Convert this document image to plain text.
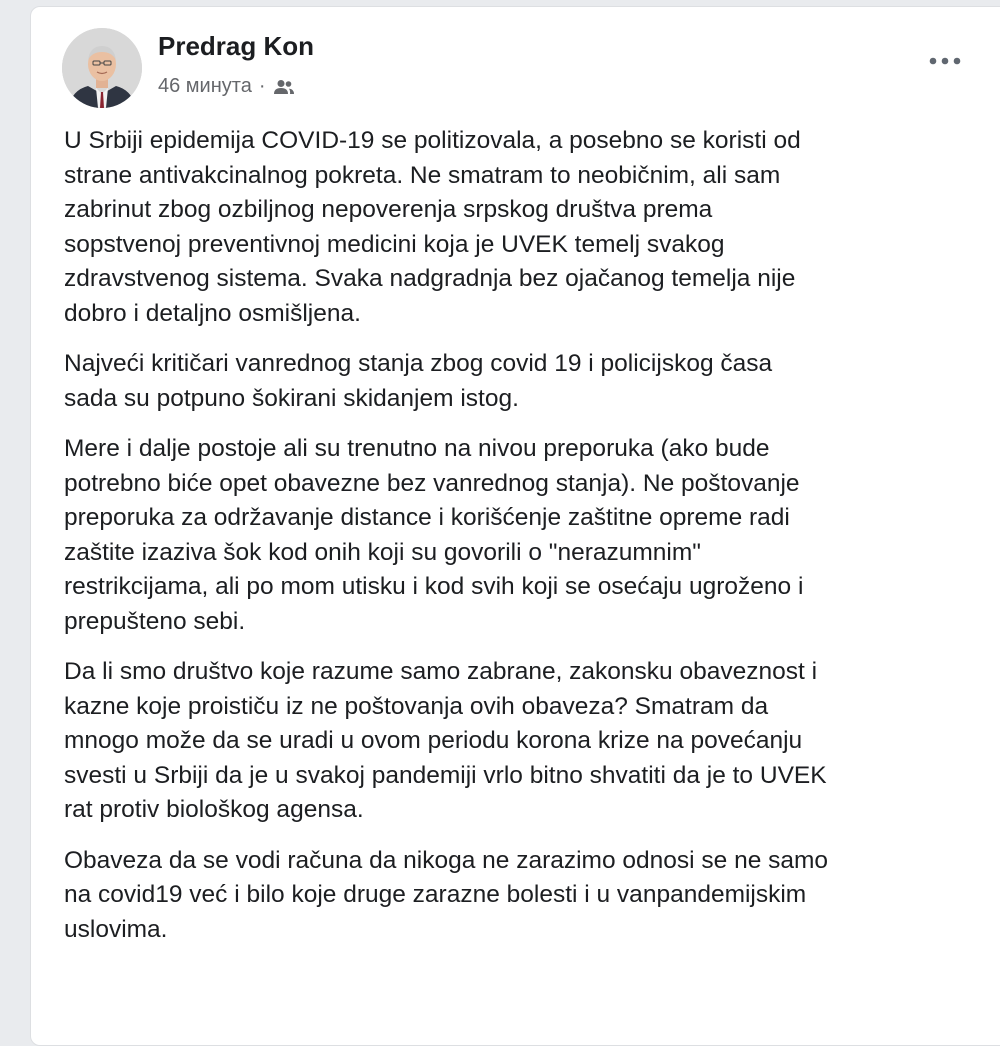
Predrag Kon
46 минута ·

U Srbiji epidemija COVID-19 se politizovala, a posebno se koristi od
strane antivakcinalnog pokreta. Ne smatram to neobičnim, ali sam
zabrinut zbog ozbiljnog nepoverenja srpskog društva prema
sopstvenoj preventivnoj medicini koja je UVEK temelj svakog
zdravstvenog sistema. Svaka nadgradnja bez ojačanog temelja nije
dobro i detaljno osmišljena.

Najveći kritičari vanrednog stanja zbog covid 19 i policijskog časa
sada su potpuno šokirani skidanjem istog.

Mere i dalje postoje ali su trenutno na nivou preporuka (ako bude
potrebno biće opet obavezne bez vanrednog stanja). Ne poštovanje
preporuka za održavanje distance i korišćenje zaštitne opreme radi
zaštite izaziva šok kod onih koji su govorili o "nerazumnim"
restrikcijama, ali po mom utisku i kod svih koji se osećaju ugroženo i
prepušteno sebi.

Da li smo društvo koje razume samo zabrane, zakonsku obaveznost i
kazne koje proističu iz ne poštovanja ovih obaveza? Smatram da
mnogo može da se uradi u ovom periodu korona krize na povećanju
svesti u Srbiji da je u svakoj pandemiji vrlo bitno shvatiti da je to UVEK
rat protiv biološkog agensa.

Obaveza da se vodi računa da nikoga ne zarazimo odnosi se ne samo
na covid19 već i bilo koje druge zarazne bolesti i u vanpandemijskim
uslovima.
